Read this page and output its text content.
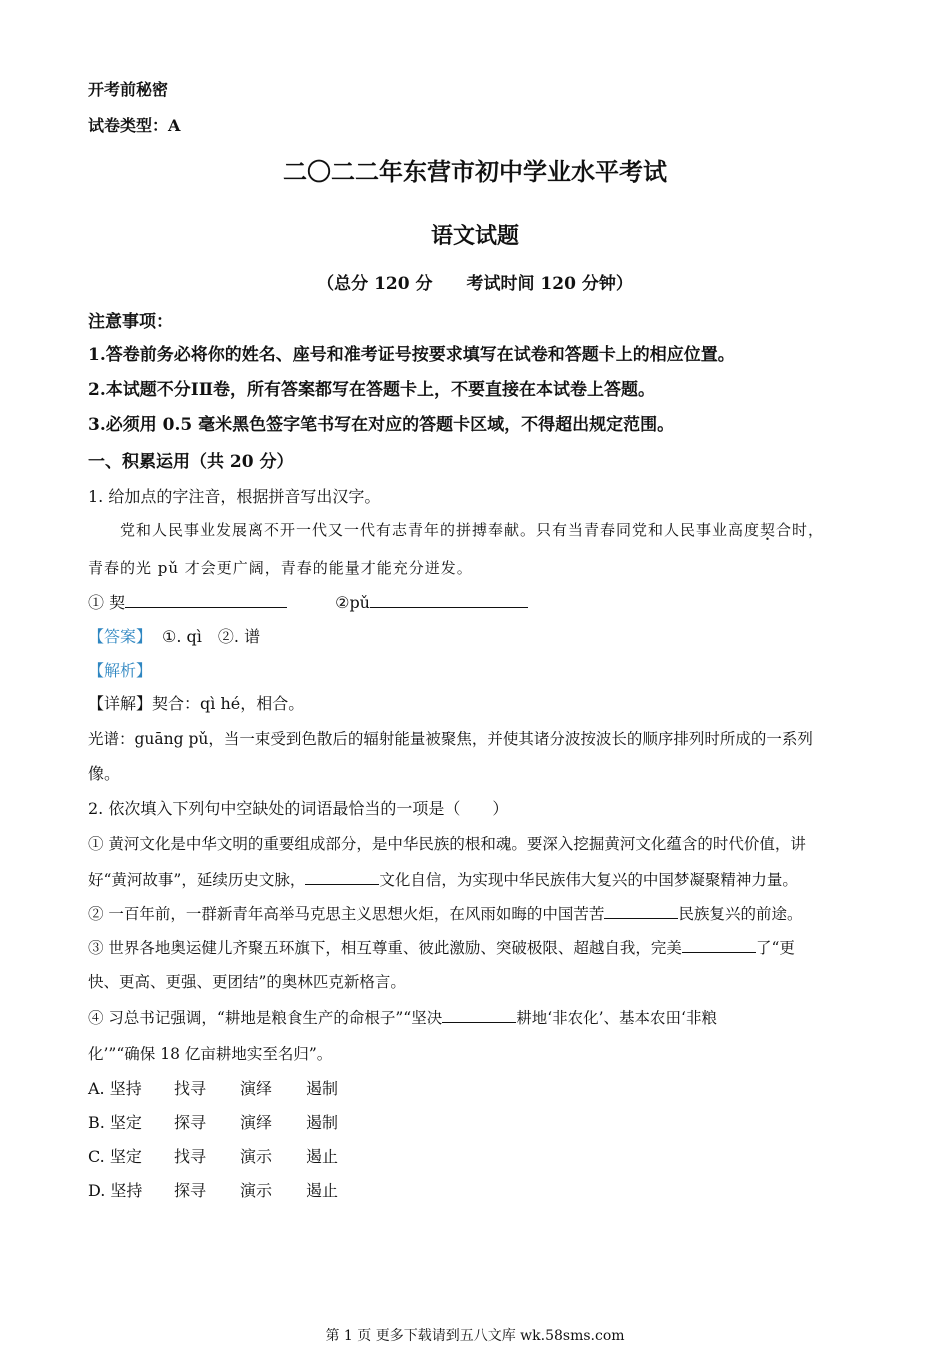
开考前秘密
试卷类型：A
二〇二二年东营市初中学业水平考试
语文试题
（总分 120 分　　考试时间 120 分钟）
注意事项：
1.答卷前务必将你的姓名、座号和准考证号按要求填写在试卷和答题卡上的相应位置。
2.本试题不分ⅠⅡ卷，所有答案都写在答题卡上，不要直接在本试卷上答题。
3.必须用 0.5 毫米黑色签字笔书写在对应的答题卡区域，不得超出规定范围。
一、积累运用（共 20 分）
1. 给加点的字注音，根据拼音写出汉字。
党和人民事业发展离不开一代又一代有志青年的拼搏奉献。只有当青春同党和人民事业高度契合时，
青春的光 pǔ 才会更广阔，青春的能量才能充分迸发。
① 契	②pǔ
【答案】 ①. qì　②. 谱
【解析】
【详解】契合：qì hé，相合。
光谱：guāng pǔ，当一束受到色散后的辐射能量被聚焦，并使其诸分波按波长的顺序排列时所成的一系列
像。
2. 依次填入下列句中空缺处的词语最恰当的一项是（　　）
① 黄河文化是中华文明的重要组成部分，是中华民族的根和魂。要深入挖掘黄河文化蕴含的时代价值，讲
好“黄河故事”，延续历史文脉，	文化自信，为实现中华民族伟大复兴的中国梦凝聚精神力量。
② 一百年前，一群新青年高举马克思主义思想火炬，在风雨如晦的中国苦苦	民族复兴的前途。
③ 世界各地奥运健儿齐聚五环旗下，相互尊重、彼此激励、突破极限、超越自我，完美	了“更
快、更高、更强、更团结”的奥林匹克新格言。
④ 习总书记强调，“耕地是粮食生产的命根子”“坚决	耕地‘非农化’、基本农田‘非粮
化’”“确保 18 亿亩耕地实至名归”。
A. 坚持 找寻 演绎 遏制
B. 坚定 探寻 演绎 遏制
C. 坚定 找寻 演示 遏止
D. 坚持 探寻 演示 遏止
第 1 页 更多下载请到五八文库 wk.58sms.com
